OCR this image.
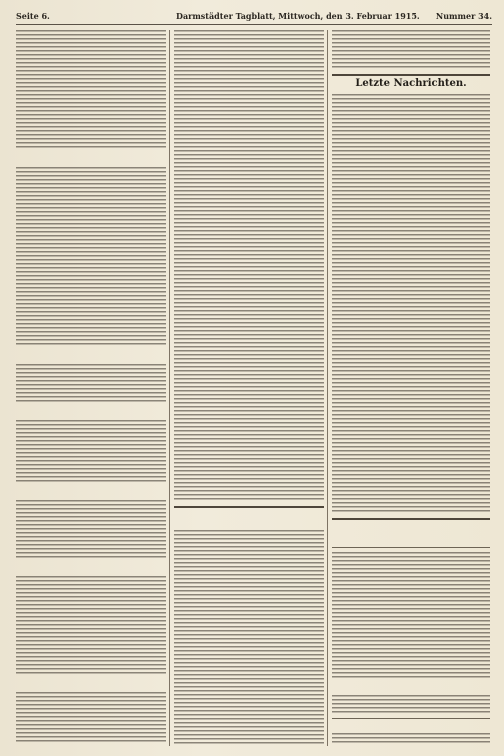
Seite 6.	Darmstädter Tagblatt, Mittwoch, den 3. Februar 1915. Nummer 34.
Letzte Nachrichten.
